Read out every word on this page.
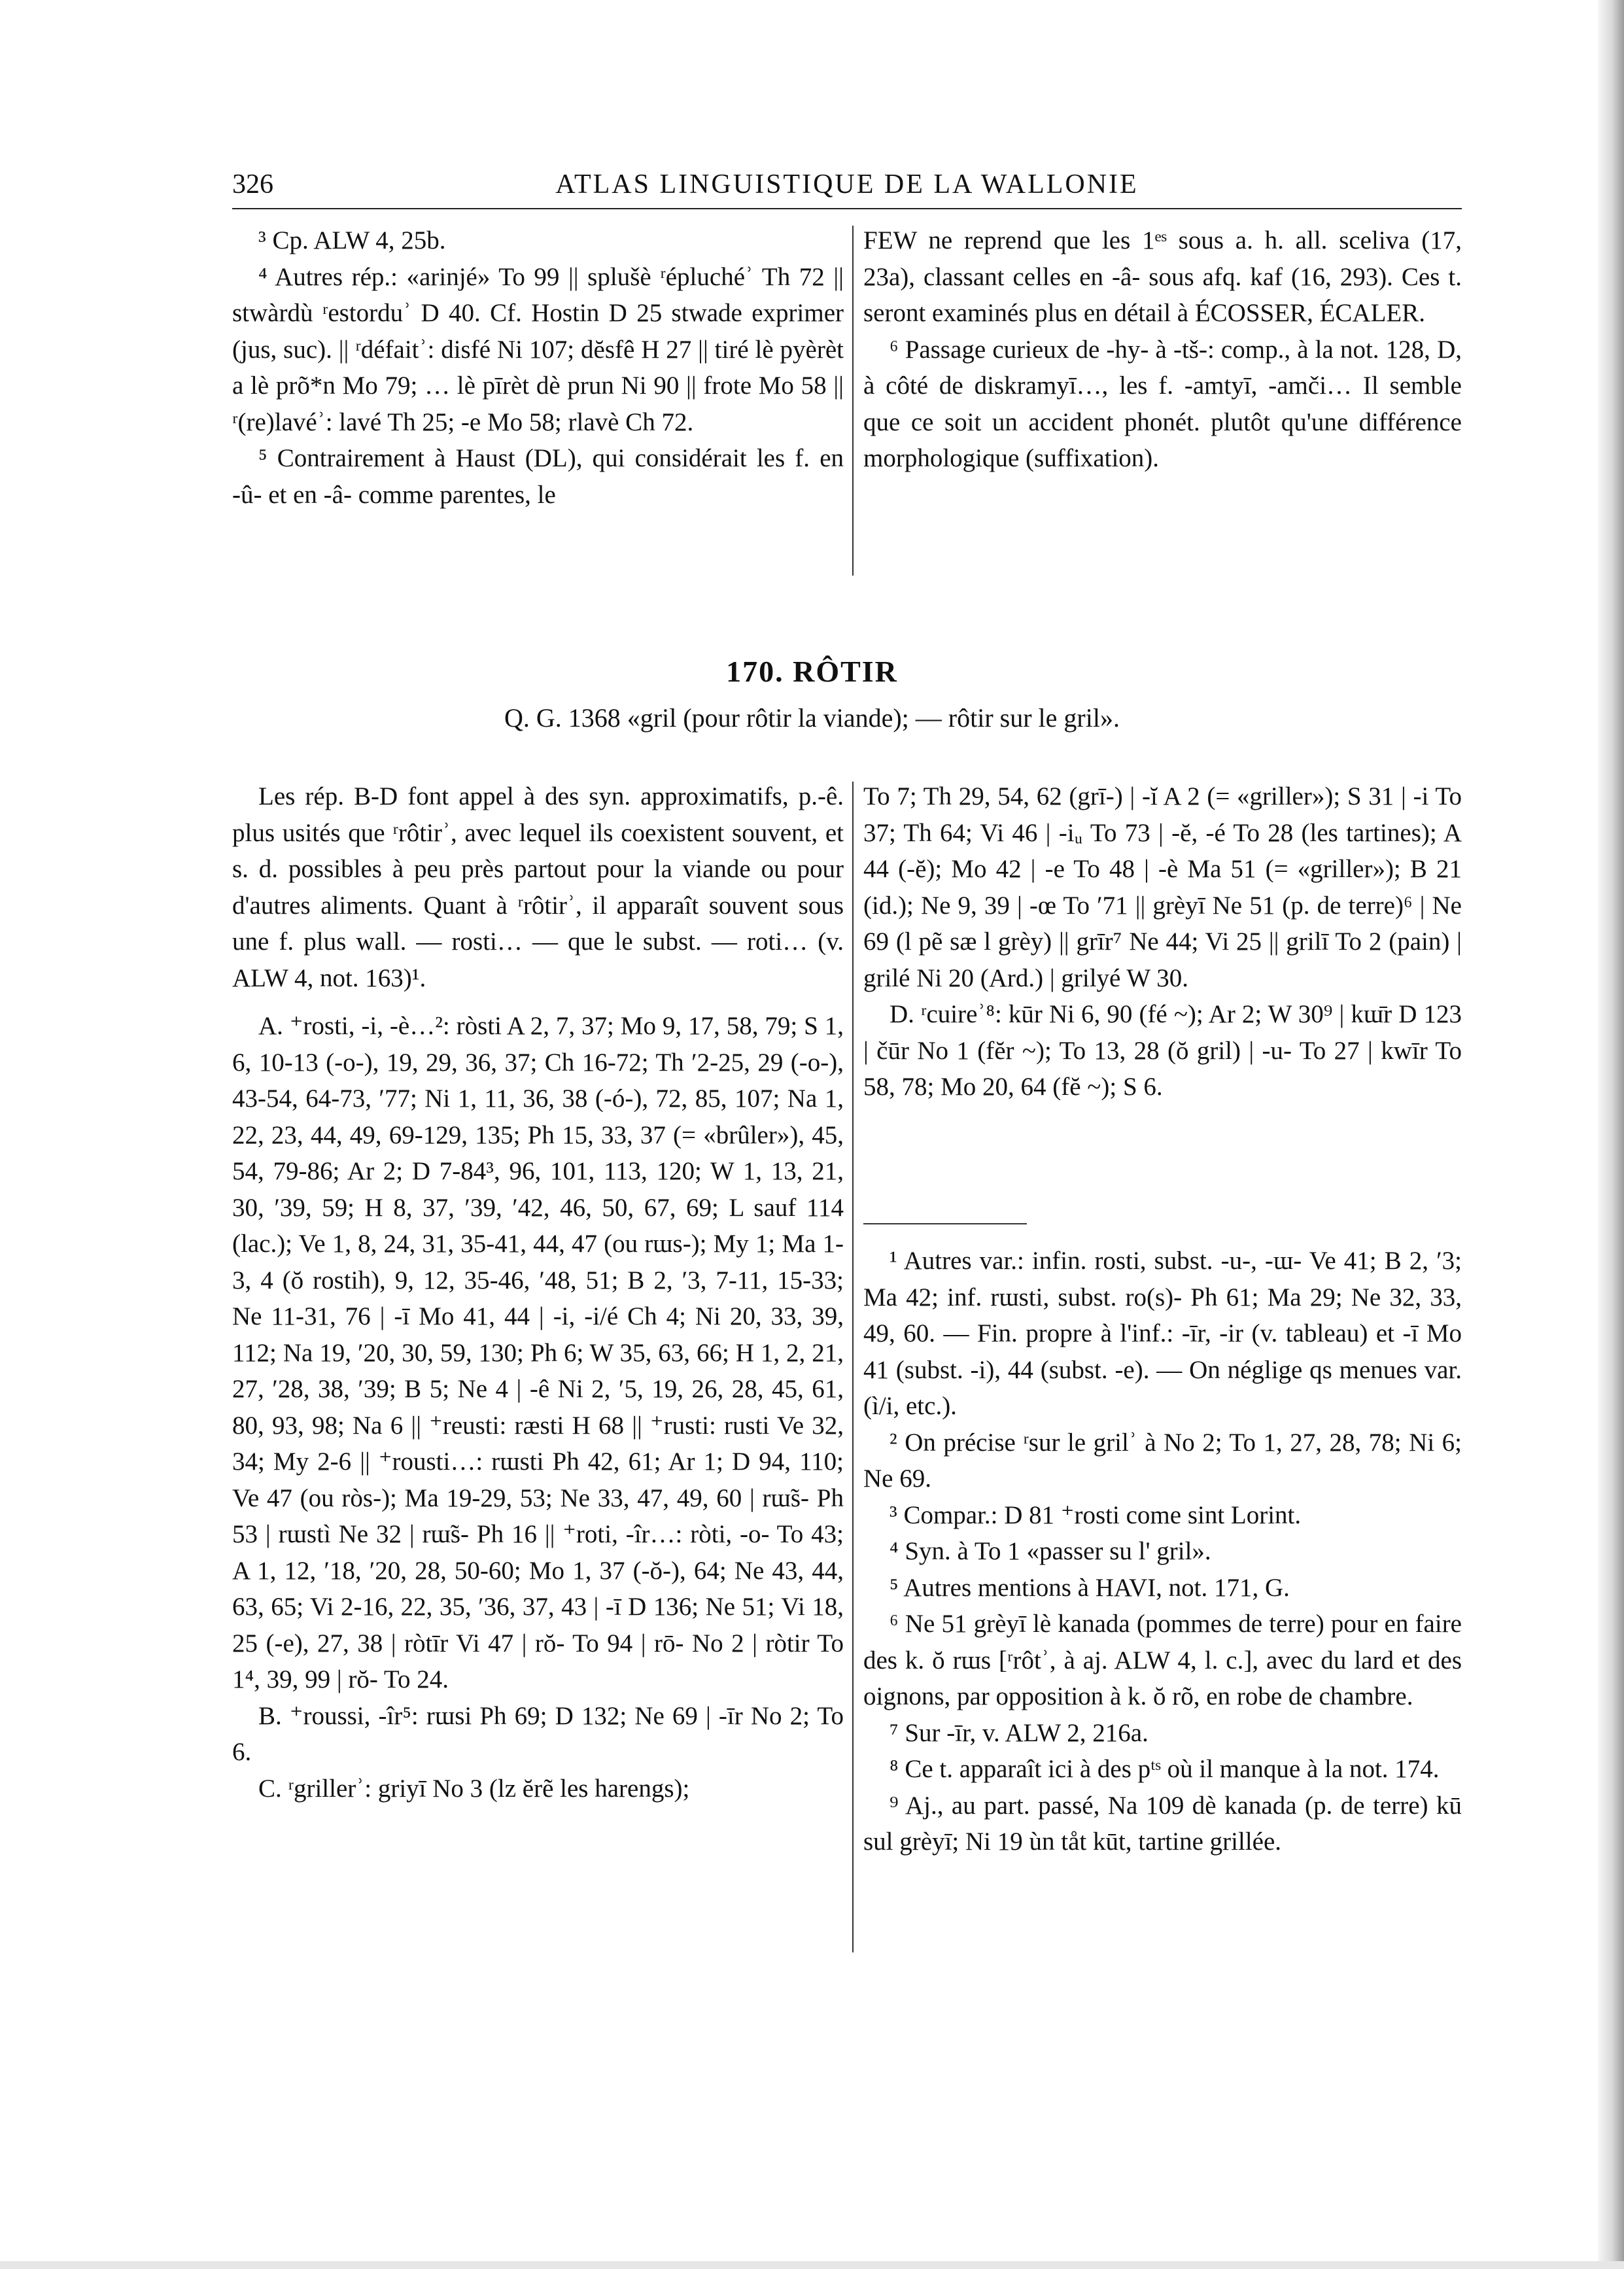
326	ATLAS LINGUISTIQUE DE LA WALLONIE

³ Cp. ALW 4, 25b.

⁴ Autres rép.: «arinjé» To 99 || splušè ʳépluchéʾ Th 72 || stwàrdù ʳestorduʾ D 40. Cf. Hostin D 25 stwade exprimer (jus, suc). || ʳdéfaitʾ: disfé Ni 107; dĕsfê H 27 || tiré lè pyèrèt a lè prõ*n Mo 79; … lè pīrèt dè prun Ni 90 || frote Mo 58 || ʳ(re)lavéʾ: lavé Th 25; -e Mo 58; rlavè Ch 72.

⁵ Contrairement à Haust (DL), qui considérait les f. en -û- et en -â- comme parentes, le

FEW ne reprend que les 1ᵉˢ sous a. h. all. sceliva (17, 23a), classant celles en -â- sous afq. kaf (16, 293). Ces t. seront examinés plus en détail à ÉCOSSER, ÉCALER.

⁶ Passage curieux de -hy- à -tš-: comp., à la not. 128, D, à côté de diskramyī…, les f. -amtyī, -amči… Il semble que ce soit un accident phonét. plutôt qu'une différence morphologique (suffixation).

170. RÔTIR
Q. G. 1368 «gril (pour rôtir la viande); — rôtir sur le gril».

Les rép. B-D font appel à des syn. approximatifs, p.-ê. plus usités que ʳrôtirʾ, avec lequel ils coexistent souvent, et s. d. possibles à peu près partout pour la viande ou pour d'autres aliments. Quant à ʳrôtirʾ, il apparaît souvent sous une f. plus wall. — rosti… — que le subst. — roti… (v. ALW 4, not. 163)¹.

A. ⁺rosti, -i, -è…²: ròsti A 2, 7, 37; Mo 9, 17, 58, 79; S 1, 6, 10-13 (-o-), 19, 29, 36, 37; Ch 16-72; Th ′2-25, 29 (-o-), 43-54, 64-73, ′77; Ni 1, 11, 36, 38 (-ó-), 72, 85, 107; Na 1, 22, 23, 44, 49, 69-129, 135; Ph 15, 33, 37 (= «brûler»), 45, 54, 79-86; Ar 2; D 7-84³, 96, 101, 113, 120; W 1, 13, 21, 30, ′39, 59; H 8, 37, ′39, ′42, 46, 50, 67, 69; L sauf 114 (lac.); Ve 1, 8, 24, 31, 35-41, 44, 47 (ou rɯs-); My 1; Ma 1-3, 4 (ŏ rostih), 9, 12, 35-46, ′48, 51; B 2, ′3, 7-11, 15-33; Ne 11-31, 76 | -ī Mo 41, 44 | -i, -i/é Ch 4; Ni 20, 33, 39, 112; Na 19, ′20, 30, 59, 130; Ph 6; W 35, 63, 66; H 1, 2, 21, 27, ′28, 38, ′39; B 5; Ne 4 | -ê Ni 2, ′5, 19, 26, 28, 45, 61, 80, 93, 98; Na 6 || ⁺reusti: ræsti H 68 || ⁺rusti: rusti Ve 32, 34; My 2-6 || ⁺rousti…: rɯsti Ph 42, 61; Ar 1; D 94, 110; Ve 47 (ou ròs-); Ma 19-29, 53; Ne 33, 47, 49, 60 | rɯ̃s- Ph 53 | rɯstì Ne 32 | rɯ̃s- Ph 16 || ⁺roti, -îr…: ròti, -o- To 43; A 1, 12, ′18, ′20, 28, 50-60; Mo 1, 37 (-ŏ-), 64; Ne 43, 44, 63, 65; Vi 2-16, 22, 35, ′36, 37, 43 | -ī D 136; Ne 51; Vi 18, 25 (-e), 27, 38 | ròtīr Vi 47 | rŏ- To 94 | rō- No 2 | ròtir To 1⁴, 39, 99 | rŏ- To 24.

B. ⁺roussi, -îr⁵: rɯsi Ph 69; D 132; Ne 69 | -īr No 2; To 6.

C. ʳgrillerʾ: griyī No 3 (lz ĕrẽ les harengs);

To 7; Th 29, 54, 62 (grī-) | -ĭ A 2 (= «griller»); S 31 | -i To 37; Th 64; Vi 46 | -iᵤ To 73 | -ĕ, -é To 28 (les tartines); A 44 (-ĕ); Mo 42 | -e To 48 | -è Ma 51 (= «griller»); B 21 (id.); Ne 9, 39 | -œ To ′71 || grèyī Ne 51 (p. de terre)⁶ | Ne 69 (l pẽ sæ l grèy) || grīr⁷ Ne 44; Vi 25 || grilī To 2 (pain) | grilé Ni 20 (Ard.) | grilyé W 30.

D. ʳcuireʾ⁸: kūr Ni 6, 90 (fé ~); Ar 2; W 30⁹ | kɯ̄r D 123 | čūr No 1 (fĕr ~); To 13, 28 (ŏ gril) | -u- To 27 | kwīr To 58, 78; Mo 20, 64 (fĕ ~); S 6.

¹ Autres var.: infin. rosti, subst. -u-, -ɯ- Ve 41; B 2, ′3; Ma 42; inf. rɯsti, subst. ro(s)- Ph 61; Ma 29; Ne 32, 33, 49, 60. — Fin. propre à l'inf.: -īr, -ir (v. tableau) et -ī Mo 41 (subst. -i), 44 (subst. -e). — On néglige qs menues var. (ì/i, etc.).

² On précise ʳsur le grilʾ à No 2; To 1, 27, 28, 78; Ni 6; Ne 69.

³ Compar.: D 81 ⁺rosti come sint Lorint.

⁴ Syn. à To 1 «passer su l' gril».

⁵ Autres mentions à HAVI, not. 171, G.

⁶ Ne 51 grèyī lè kanada (pommes de terre) pour en faire des k. ŏ rɯs [ʳrôtʾ, à aj. ALW 4, l. c.], avec du lard et des oignons, par opposition à k. ŏ rõ, en robe de chambre.

⁷ Sur -īr, v. ALW 2, 216a.

⁸ Ce t. apparaît ici à des pᵗˢ où il manque à la not. 174.

⁹ Aj., au part. passé, Na 109 dè kanada (p. de terre) kū sul grèyī; Ni 19 ùn tåt kūt, tartine grillée.
